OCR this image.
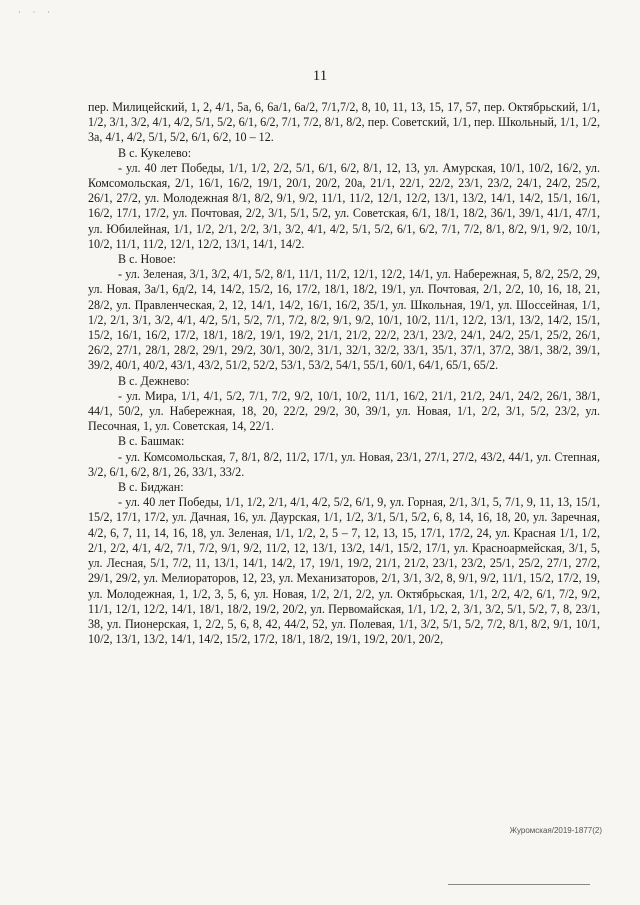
· · ·
11

пер. Милицейский, 1, 2, 4/1, 5а, 6, 6а/1, 6а/2, 7/1,7/2, 8, 10, 11, 13, 15, 17, 57, пер. Октябрьский, 1/1, 1/2, 3/1, 3/2, 4/1, 4/2, 5/1, 5/2, 6/1, 6/2, 7/1, 7/2, 8/1, 8/2, пер. Советский, 1/1, пер. Школьный, 1/1, 1/2, 3а, 4/1, 4/2, 5/1, 5/2, 6/1, 6/2, 10 – 12.

В с. Кукелево:

- ул. 40 лет Победы, 1/1, 1/2, 2/2, 5/1, 6/1, 6/2, 8/1, 12, 13, ул. Амурская, 10/1, 10/2, 16/2, ул. Комсомольская, 2/1, 16/1, 16/2, 19/1, 20/1, 20/2, 20а, 21/1, 22/1, 22/2, 23/1, 23/2, 24/1, 24/2, 25/2, 26/1, 27/2, ул. Молодежная 8/1, 8/2, 9/1, 9/2, 11/1, 11/2, 12/1, 12/2, 13/1, 13/2, 14/1, 14/2, 15/1, 16/1, 16/2, 17/1, 17/2, ул. Почтовая, 2/2, 3/1, 5/1, 5/2, ул. Советская, 6/1, 18/1, 18/2, 36/1, 39/1, 41/1, 47/1, ул. Юбилейная, 1/1, 1/2, 2/1, 2/2, 3/1, 3/2, 4/1, 4/2, 5/1, 5/2, 6/1, 6/2, 7/1, 7/2, 8/1, 8/2, 9/1, 9/2, 10/1, 10/2, 11/1, 11/2, 12/1, 12/2, 13/1, 14/1, 14/2.

В с. Новое:

- ул. Зеленая, 3/1, 3/2, 4/1, 5/2, 8/1, 11/1, 11/2, 12/1, 12/2, 14/1, ул. Набережная, 5, 8/2, 25/2, 29, ул. Новая, 3а/1, 6д/2, 14, 14/2, 15/2, 16, 17/2, 18/1, 18/2, 19/1, ул. Почтовая, 2/1, 2/2, 10, 16, 18, 21, 28/2, ул. Правленческая, 2, 12, 14/1, 14/2, 16/1, 16/2, 35/1, ул. Школьная, 19/1, ул. Шоссейная, 1/1, 1/2, 2/1, 3/1, 3/2, 4/1, 4/2, 5/1, 5/2, 7/1, 7/2, 8/2, 9/1, 9/2, 10/1, 10/2, 11/1, 12/2, 13/1, 13/2, 14/2, 15/1, 15/2, 16/1, 16/2, 17/2, 18/1, 18/2, 19/1, 19/2, 21/1, 21/2, 22/2, 23/1, 23/2, 24/1, 24/2, 25/1, 25/2, 26/1, 26/2, 27/1, 28/1, 28/2, 29/1, 29/2, 30/1, 30/2, 31/1, 32/1, 32/2, 33/1, 35/1, 37/1, 37/2, 38/1, 38/2, 39/1, 39/2, 40/1, 40/2, 43/1, 43/2, 51/2, 52/2, 53/1, 53/2, 54/1, 55/1, 60/1, 64/1, 65/1, 65/2.

В с. Дежнево:

- ул. Мира, 1/1, 4/1, 5/2, 7/1, 7/2, 9/2, 10/1, 10/2, 11/1, 16/2, 21/1, 21/2, 24/1, 24/2, 26/1, 38/1, 44/1, 50/2, ул. Набережная, 18, 20, 22/2, 29/2, 30, 39/1, ул. Новая, 1/1, 2/2, 3/1, 5/2, 23/2, ул. Песочная, 1, ул. Советская, 14, 22/1.

В с. Башмак:

- ул. Комсомольская, 7, 8/1, 8/2, 11/2, 17/1, ул. Новая, 23/1, 27/1, 27/2, 43/2, 44/1, ул. Степная, 3/2, 6/1, 6/2, 8/1, 26, 33/1, 33/2.

В с. Биджан:

- ул. 40 лет Победы, 1/1, 1/2, 2/1, 4/1, 4/2, 5/2, 6/1, 9, ул. Горная, 2/1, 3/1, 5, 7/1, 9, 11, 13, 15/1, 15/2, 17/1, 17/2, ул. Дачная, 16, ул. Даурская, 1/1, 1/2, 3/1, 5/1, 5/2, 6, 8, 14, 16, 18, 20, ул. Заречная, 4/2, 6, 7, 11, 14, 16, 18, ул. Зеленая, 1/1, 1/2, 2, 5 – 7, 12, 13, 15, 17/1, 17/2, 24, ул. Красная 1/1, 1/2, 2/1, 2/2, 4/1, 4/2, 7/1, 7/2, 9/1, 9/2, 11/2, 12, 13/1, 13/2, 14/1, 15/2, 17/1, ул. Красноармейская, 3/1, 5, ул. Лесная, 5/1, 7/2, 11, 13/1, 14/1, 14/2, 17, 19/1, 19/2, 21/1, 21/2, 23/1, 23/2, 25/1, 25/2, 27/1, 27/2, 29/1, 29/2, ул. Мелиораторов, 12, 23, ул. Механизаторов, 2/1, 3/1, 3/2, 8, 9/1, 9/2, 11/1, 15/2, 17/2, 19, ул. Молодежная, 1, 1/2, 3, 5, 6, ул. Новая, 1/2, 2/1, 2/2, ул. Октябрьская, 1/1, 2/2, 4/2, 6/1, 7/2, 9/2, 11/1, 12/1, 12/2, 14/1, 18/1, 18/2, 19/2, 20/2, ул. Первомайская, 1/1, 1/2, 2, 3/1, 3/2, 5/1, 5/2, 7, 8, 23/1, 38, ул. Пионерская, 1, 2/2, 5, 6, 8, 42, 44/2, 52, ул. Полевая, 1/1, 3/2, 5/1, 5/2, 7/2, 8/1, 8/2, 9/1, 10/1, 10/2, 13/1, 13/2, 14/1, 14/2, 15/2, 17/2, 18/1, 18/2, 19/1, 19/2, 20/1, 20/2,

Журомская/2019-1877(2)
